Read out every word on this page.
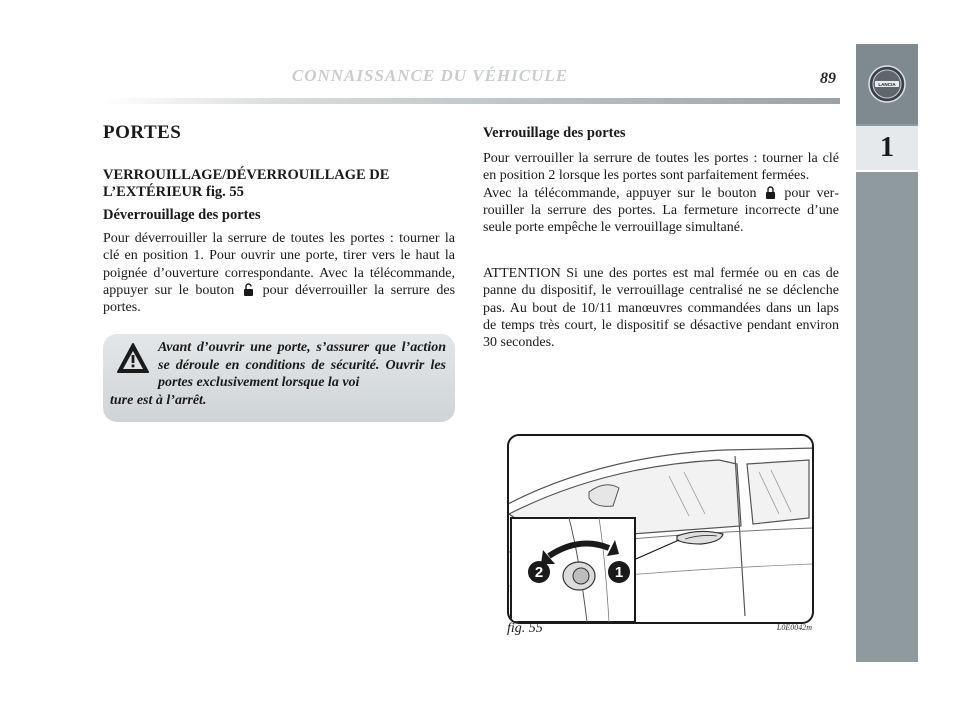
CONNAISSANCE DU VÉHICULE	89	LANCIA
1
PORTES
VERROUILLAGE/DÉVERROUILLAGE DE L’EXTÉRIEUR fig. 55
Déverrouillage des portes

Pour déverrouiller la serrure de toutes les portes : tourner la clé en position 1. Pour ouvrir une porte, tirer vers le haut la poignée d’ouverture correspondante. Avec la télécommande, appuyer sur le bouton pour déverrouiller la serrure des portes.

Avant d’ouvrir une porte, s’assurer que l’action se déroule en conditions de sécurité. Ouvrir les portes exclusivement lorsque la voi
ture est à l’arrêt.

Verrouillage des portes

Pour verrouiller la serrure de toutes les portes : tourner la clé en position 2 lorsque les portes sont parfaitement fermées.
Avec la télécommande, appuyer sur le bouton pour verrouiller la serrure des portes. La fermeture incorrecte d’une seule porte empêche le verrouillage simultané.

ATTENTION Si une des portes est mal fermée ou en cas de panne du dispositif, le verrouillage centralisé ne se déclenche pas. Au bout de 10/11 manœuvres commandées dans un laps de temps très court, le dispositif se désactive pendant environ 30 secondes.

2	1
fig. 55	L0E0042m
